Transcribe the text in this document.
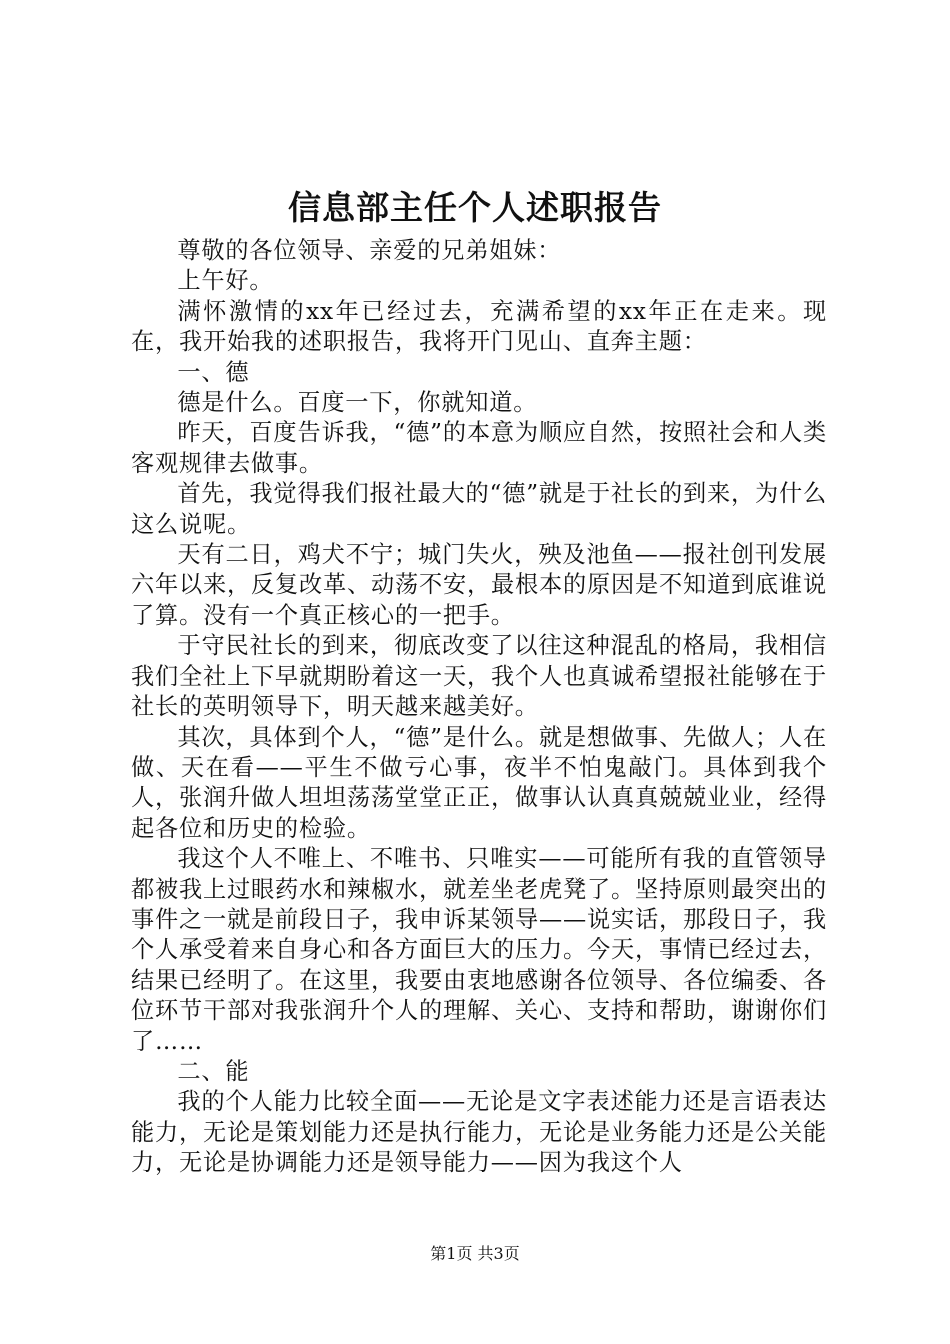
信息部主任个人述职报告

尊敬的各位领导、亲爱的兄弟姐妹：

上午好。

满怀激情的xx年已经过去，充满希望的xx年正在走来。现在，我开始我的述职报告，我将开门见山、直奔主题：

一、德

德是什么。百度一下，你就知道。

昨天，百度告诉我，“德”的本意为顺应自然，按照社会和人类客观规律去做事。

首先，我觉得我们报社最大的“德”就是于社长的到来，为什么这么说呢。

天有二日，鸡犬不宁；城门失火，殃及池鱼——报社创刊发展六年以来，反复改革、动荡不安，最根本的原因是不知道到底谁说了算。没有一个真正核心的一把手。

于守民社长的到来，彻底改变了以往这种混乱的格局，我相信我们全社上下早就期盼着这一天，我个人也真诚希望报社能够在于社长的英明领导下，明天越来越美好。

其次，具体到个人，“德”是什么。就是想做事、先做人；人在做、天在看——平生不做亏心事，夜半不怕鬼敲门。具体到我个人，张润升做人坦坦荡荡堂堂正正，做事认认真真兢兢业业，经得起各位和历史的检验。

我这个人不唯上、不唯书、只唯实——可能所有我的直管领导都被我上过眼药水和辣椒水，就差坐老虎凳了。坚持原则最突出的事件之一就是前段日子，我申诉某领导——说实话，那段日子，我个人承受着来自身心和各方面巨大的压力。今天，事情已经过去，结果已经明了。在这里，我要由衷地感谢各位领导、各位编委、各位环节干部对我张润升个人的理解、关心、支持和帮助，谢谢你们了……

二、能

我的个人能力比较全面——无论是文字表述能力还是言语表达能力，无论是策划能力还是执行能力，无论是业务能力还是公关能力，无论是协调能力还是领导能力——因为我这个人

第1页 共3页
